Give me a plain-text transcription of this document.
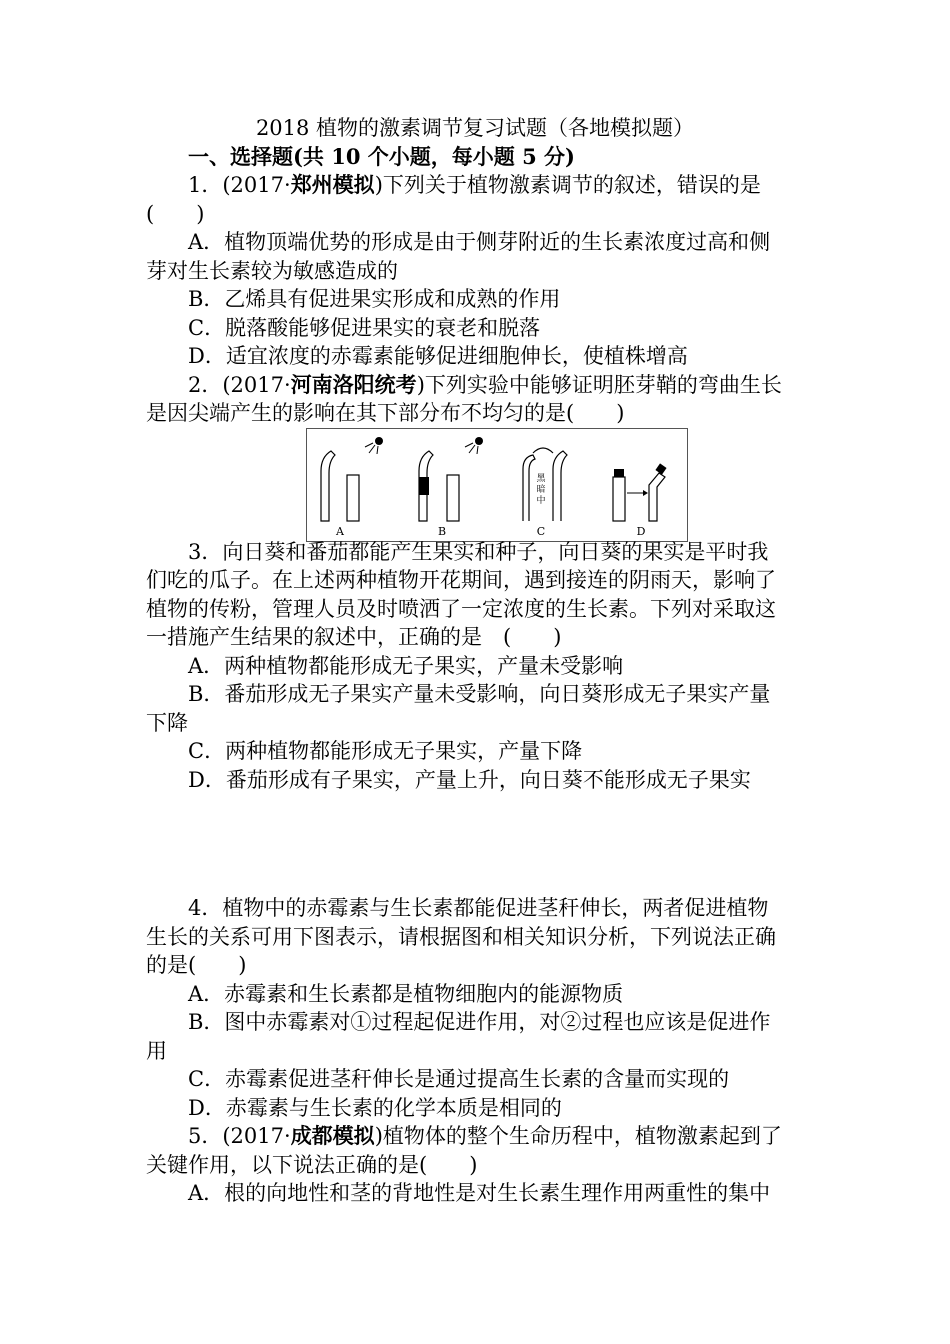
2018 植物的激素调节复习试题（各地模拟题）
一、选择题(共 10 个小题，每小题 5 分)
1．(2017·郑州模拟)下列关于植物激素调节的叙述，错误的是
(　　)
A．植物顶端优势的形成是由于侧芽附近的生长素浓度过高和侧
芽对生长素较为敏感造成的
B．乙烯具有促进果实形成和成熟的作用
C．脱落酸能够促进果实的衰老和脱落
D．适宜浓度的赤霉素能够促进细胞伸长，使植株增高
2．(2017·河南洛阳统考)下列实验中能够证明胚芽鞘的弯曲生长
是因尖端产生的影响在其下部分布不均匀的是(　　)
A	B
黑
暗
中
C	D
3．向日葵和番茄都能产生果实和种子，向日葵的果实是平时我
们吃的瓜子。在上述两种植物开花期间，遇到接连的阴雨天，影响了
植物的传粉，管理人员及时喷洒了一定浓度的生长素。下列对采取这
一措施产生结果的叙述中，正确的是　(　　)
A．两种植物都能形成无子果实，产量未受影响
B．番茄形成无子果实产量未受影响，向日葵形成无子果实产量
下降
C．两种植物都能形成无子果实，产量下降
D．番茄形成有子果实，产量上升，向日葵不能形成无子果实
4．植物中的赤霉素与生长素都能促进茎秆伸长，两者促进植物
生长的关系可用下图表示，请根据图和相关知识分析，下列说法正确
的是(　　)
A．赤霉素和生长素都是植物细胞内的能源物质
B．图中赤霉素对①过程起促进作用，对②过程也应该是促进作
用
C．赤霉素促进茎秆伸长是通过提高生长素的含量而实现的
D．赤霉素与生长素的化学本质是相同的
5．(2017·成都模拟)植物体的整个生命历程中，植物激素起到了
关键作用，以下说法正确的是(　　)
A．根的向地性和茎的背地性是对生长素生理作用两重性的集中
